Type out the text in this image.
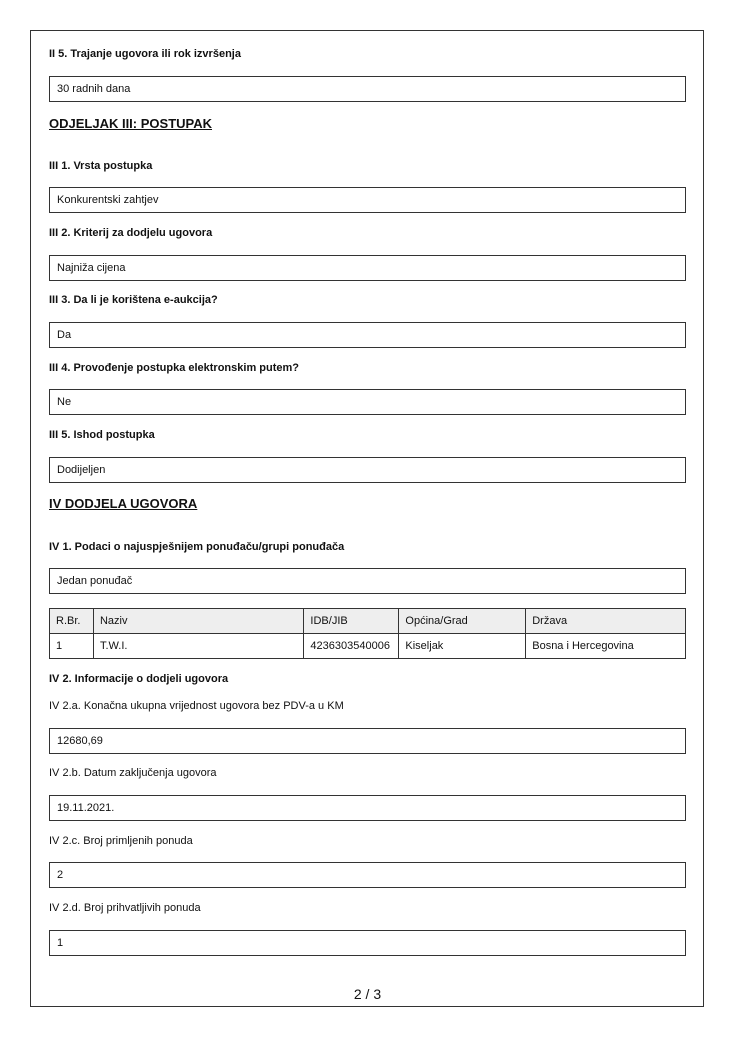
II 5. Trajanje ugovora ili rok izvršenja
30 radnih dana
ODJELJAK III: POSTUPAK
III 1. Vrsta postupka
Konkurentski zahtjev
III 2. Kriterij za dodjelu ugovora
Najniža cijena
III 3. Da li je korištena e-aukcija?
Da
III 4. Provođenje postupka elektronskim putem?
Ne
III 5. Ishod postupka
Dodijeljen
IV DODJELA UGOVORA
IV 1. Podaci o najuspješnijem ponuđaču/grupi ponuđača
Jedan ponuđač
R.Br.	Naziv	IDB/JIB	Općina/Grad	Država
1	T.W.I.	4236303540006	Kiseljak	Bosna i Hercegovina
IV 2. Informacije o dodjeli ugovora
IV 2.a. Konačna ukupna vrijednost ugovora bez PDV-a u KM
12680,69
IV 2.b. Datum zaključenja ugovora
19.11.2021.
IV 2.c. Broj primljenih ponuda
2
IV 2.d. Broj prihvatljivih ponuda
1
2 / 3
